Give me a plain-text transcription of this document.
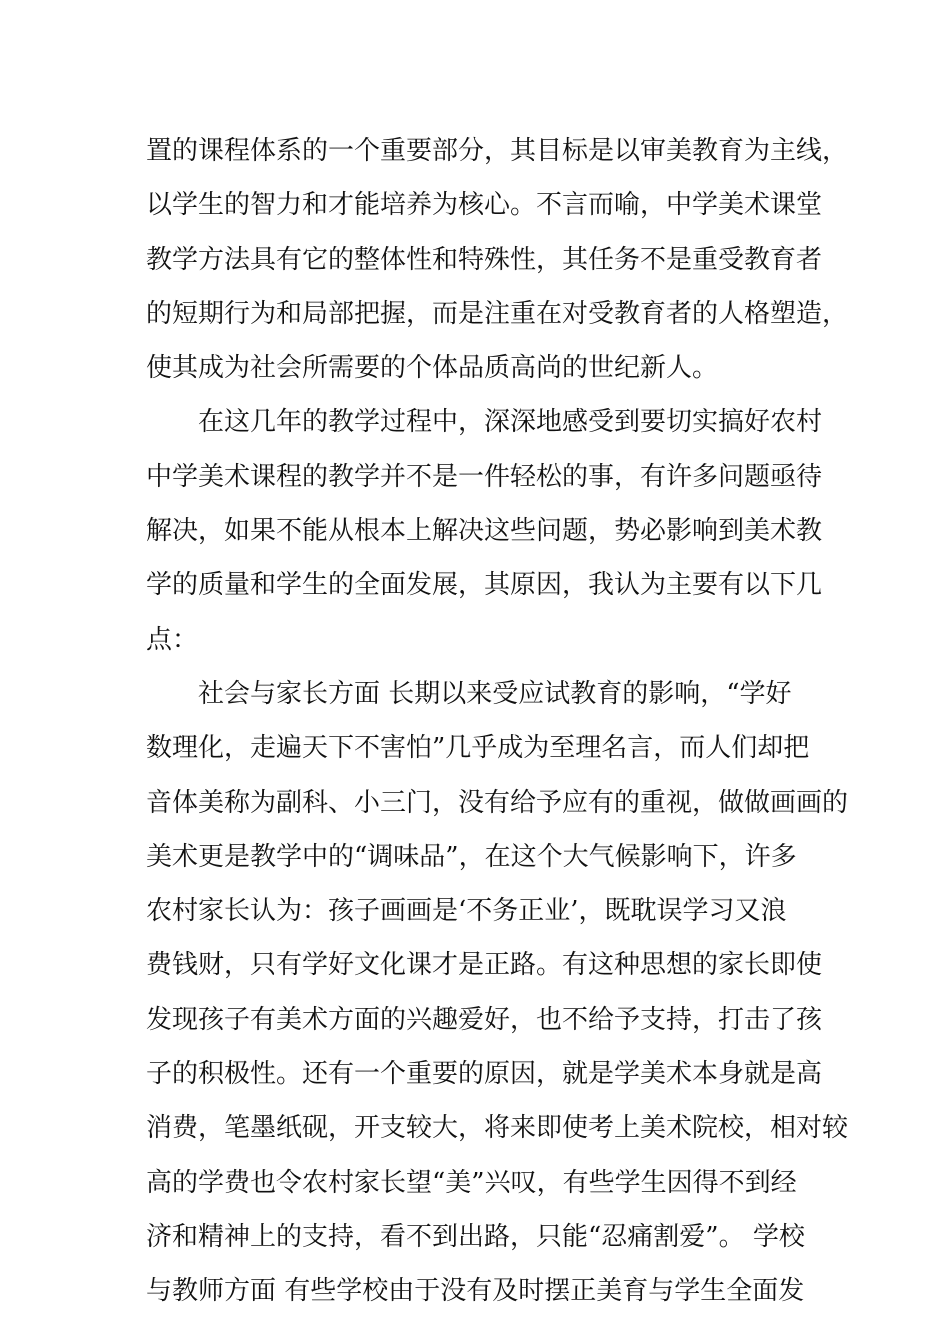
置的课程体系的一个重要部分，其目标是以审美教育为主线，
以学生的智力和才能培养为核心。不言而喻，中学美术课堂
教学方法具有它的整体性和特殊性，其任务不是重受教育者
的短期行为和局部把握，而是注重在对受教育者的人格塑造，
使其成为社会所需要的个体品质高尚的世纪新人。
在这几年的教学过程中，深深地感受到要切实搞好农村
中学美术课程的教学并不是一件轻松的事，有许多问题亟待
解决，如果不能从根本上解决这些问题，势必影响到美术教
学的质量和学生的全面发展，其原因，我认为主要有以下几
点：
社会与家长方面 长期以来受应试教育的影响，“学好
数理化，走遍天下不害怕”几乎成为至理名言，而人们却把
音体美称为副科、小三门，没有给予应有的重视，做做画画的
美术更是教学中的“调味品”，在这个大气候影响下，许多
农村家长认为：孩子画画是‘不务正业’，既耽误学习又浪
费钱财，只有学好文化课才是正路。有这种思想的家长即使
发现孩子有美术方面的兴趣爱好，也不给予支持，打击了孩
子的积极性。还有一个重要的原因，就是学美术本身就是高
消费，笔墨纸砚，开支较大，将来即使考上美术院校，相对较
高的学费也令农村家长望“美”兴叹，有些学生因得不到经
济和精神上的支持，看不到出路，只能“忍痛割爱”。 学校
与教师方面 有些学校由于没有及时摆正美育与学生全面发
